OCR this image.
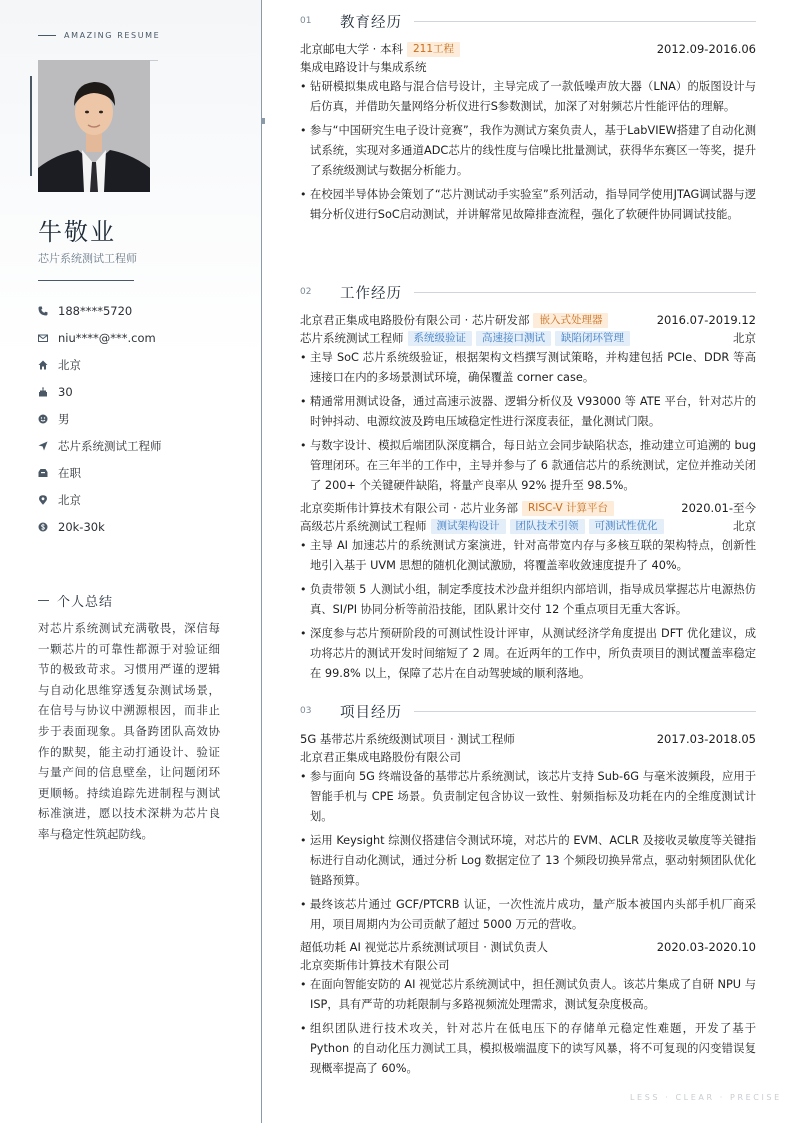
AMAZING RESUME
牛敬业
芯片系统测试工程师
188****5720
niu****@***.com
北京
30
男
芯片系统测试工程师
在职
北京
20k-30k
个人总结
对芯片系统测试充满敬畏，深信每一颗芯片的可靠性都源于对验证细节的极致苛求。习惯用严谨的逻辑与自动化思维穿透复杂测试场景，在信号与协议中溯源根因，而非止步于表面现象。具备跨团队高效协作的默契，能主动打通设计、验证与量产间的信息壁垒，让问题闭环更顺畅。持续追踪先进制程与测试标准演进，愿以技术深耕为芯片良率与稳定性筑起防线。
01	教育经历
北京邮电大学 · 本科 211工程	2012.09-2016.06
集成电路设计与集成系统
• 钻研模拟集成电路与混合信号设计，主导完成了一款低噪声放大器（LNA）的版图设计与后仿真，并借助矢量网络分析仪进行S参数测试，加深了对射频芯片性能评估的理解。
• 参与“中国研究生电子设计竞赛”，我作为测试方案负责人，基于LabVIEW搭建了自动化测试系统，实现对多通道ADC芯片的线性度与信噪比批量测试，获得华东赛区一等奖，提升了系统级测试与数据分析能力。
• 在校园半导体协会策划了“芯片测试动手实验室”系列活动，指导同学使用JTAG调试器与逻辑分析仪进行SoC启动测试，并讲解常见故障排查流程，强化了软硬件协同调试技能。
02	工作经历
北京君正集成电路股份有限公司 · 芯片研发部 嵌入式处理器	2016.07-2019.12
芯片系统测试工程师 系统级验证	高速接口测试	缺陷闭环管理	北京
• 主导 SoC 芯片系统级验证，根据架构文档撰写测试策略，并构建包括 PCIe、DDR 等高速接口在内的多场景测试环境，确保覆盖 corner case。
• 精通常用测试设备，通过高速示波器、逻辑分析仪及 V93000 等 ATE 平台，针对芯片的时钟抖动、电源纹波及跨电压域稳定性进行深度表征，量化测试门限。
• 与数字设计、模拟后端团队深度耦合，每日站立会同步缺陷状态，推动建立可追溯的 bug 管理闭环。在三年半的工作中，主导并参与了 6 款通信芯片的系统测试，定位并推动关闭了 200+ 个关键硬件缺陷，将量产良率从 92% 提升至 98.5%。
北京奕斯伟计算技术有限公司 · 芯片业务部 RISC-V 计算平台	2020.01-至今
高级芯片系统测试工程师 测试架构设计	团队技术引领	可测试性优化	北京
• 主导 AI 加速芯片的系统测试方案演进，针对高带宽内存与多核互联的架构特点，创新性地引入基于 UVM 思想的随机化测试激励，将覆盖率收敛速度提升了 40%。
• 负责带领 5 人测试小组，制定季度技术沙盘并组织内部培训，指导成员掌握芯片电源热仿真、SI/PI 协同分析等前沿技能，团队累计交付 12 个重点项目无重大客诉。
• 深度参与芯片预研阶段的可测试性设计评审，从测试经济学角度提出 DFT 优化建议，成功将芯片的测试开发时间缩短了 2 周。在近两年的工作中，所负责项目的测试覆盖率稳定在 99.8% 以上，保障了芯片在自动驾驶域的顺利落地。
03	项目经历
5G 基带芯片系统级测试项目 · 测试工程师	2017.03-2018.05
北京君正集成电路股份有限公司
• 参与面向 5G 终端设备的基带芯片系统测试，该芯片支持 Sub-6G 与毫米波频段，应用于智能手机与 CPE 场景。负责制定包含协议一致性、射频指标及功耗在内的全维度测试计划。
• 运用 Keysight 综测仪搭建信令测试环境，对芯片的 EVM、ACLR 及接收灵敏度等关键指标进行自动化测试，通过分析 Log 数据定位了 13 个频段切换异常点，驱动射频团队优化链路预算。
• 最终该芯片通过 GCF/PTCRB 认证，一次性流片成功，量产版本被国内头部手机厂商采用，项目周期内为公司贡献了超过 5000 万元的营收。
超低功耗 AI 视觉芯片系统测试项目 · 测试负责人	2020.03-2020.10
北京奕斯伟计算技术有限公司
• 在面向智能安防的 AI 视觉芯片系统测试中，担任测试负责人。该芯片集成了自研 NPU 与 ISP，具有严苛的功耗限制与多路视频流处理需求，测试复杂度极高。
• 组织团队进行技术攻关，针对芯片在低电压下的存储单元稳定性难题，开发了基于 Python 的自动化压力测试工具，模拟极端温度下的读写风暴，将不可复现的闪变错误复现概率提高了 60%。
LESS · CLEAR · PRECISE
